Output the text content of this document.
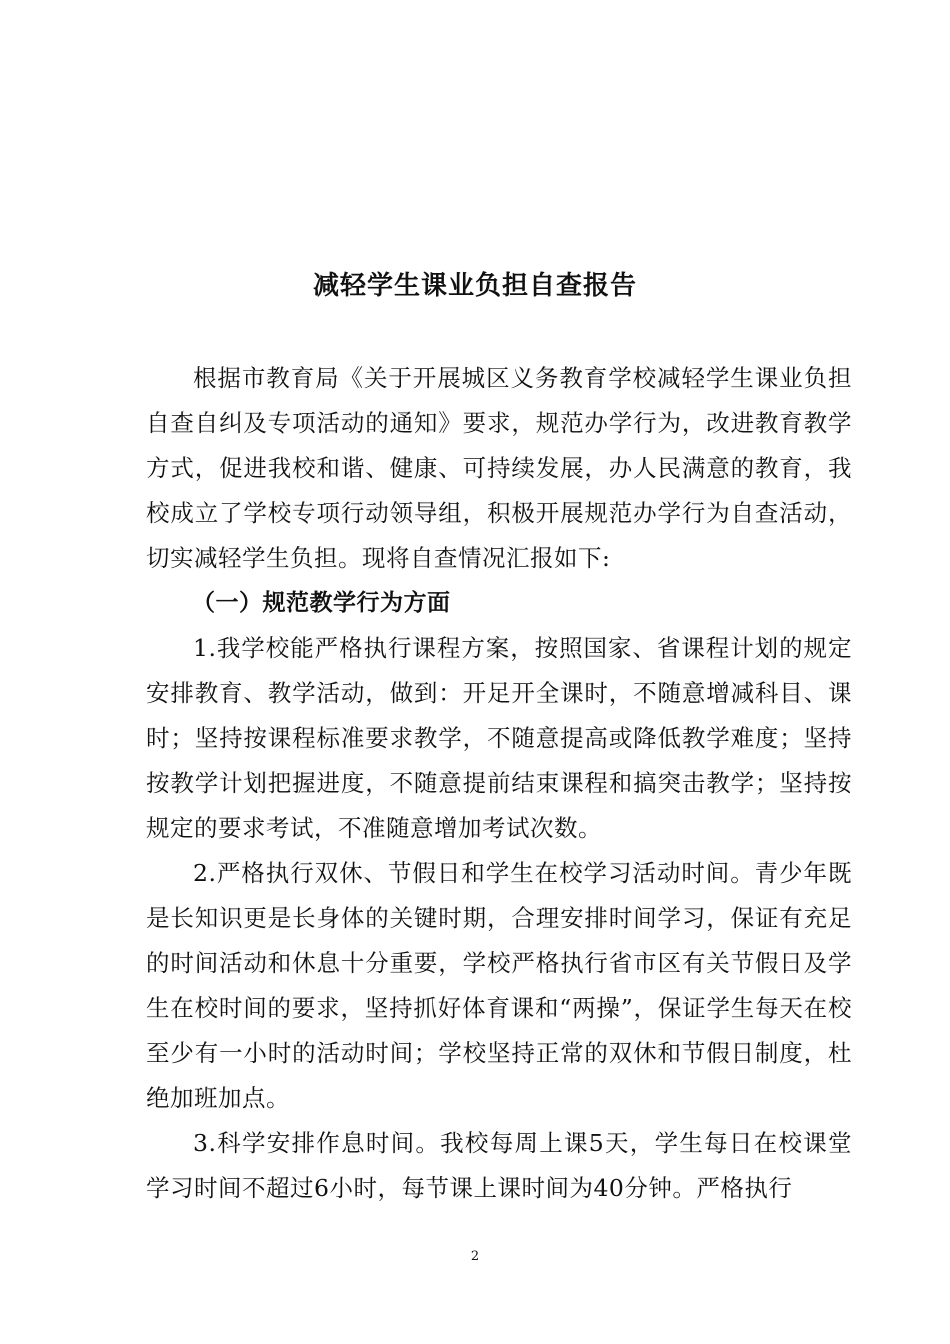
减轻学生课业负担自查报告

根据市教育局《关于开展城区义务教育学校减轻学生课业负担自查自纠及专项活动的通知》要求，规范办学行为，改进教育教学方式，促进我校和谐、健康、可持续发展，办人民满意的教育，我校成立了学校专项行动领导组，积极开展规范办学行为自查活动，切实减轻学生负担。现将自查情况汇报如下:

（一）规范教学行为方面

1.我学校能严格执行课程方案，按照国家、省课程计划的规定安排教育、教学活动，做到：开足开全课时，不随意增减科目、课时；坚持按课程标准要求教学，不随意提高或降低教学难度；坚持按教学计划把握进度，不随意提前结束课程和搞突击教学；坚持按规定的要求考试，不准随意增加考试次数。

2.严格执行双休、节假日和学生在校学习活动时间。青少年既是长知识更是长身体的关键时期，合理安排时间学习，保证有充足的时间活动和休息十分重要，学校严格执行省市区有关节假日及学生在校时间的要求，坚持抓好体育课和“两操”，保证学生每天在校至少有一小时的活动时间；学校坚持正常的双休和节假日制度，杜绝加班加点。

3.科学安排作息时间。我校每周上课5天，学生每日在校课堂学习时间不超过6小时，每节课上课时间为40分钟。严格执行

2
